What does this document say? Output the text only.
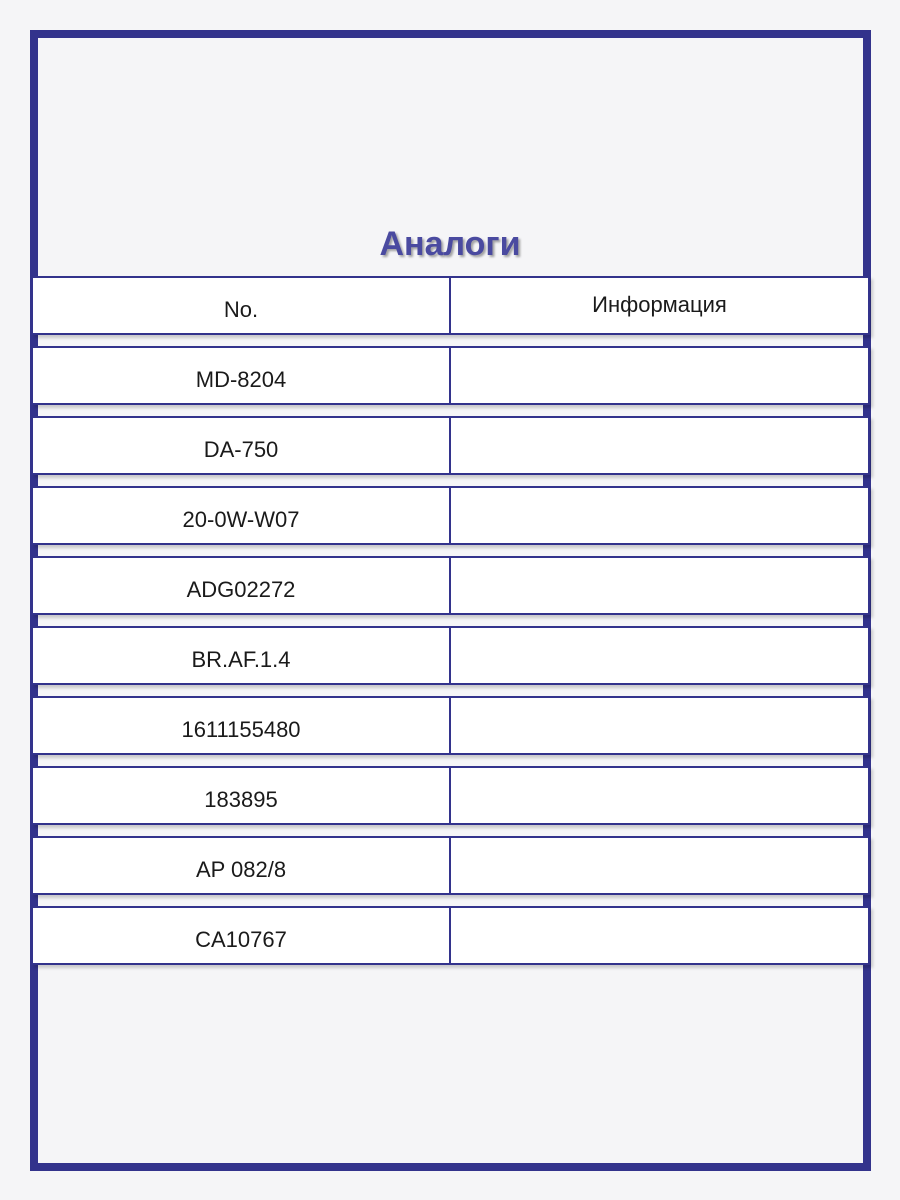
Аналоги
No.	Информация
MD-8204
DA-750
20-0W-W07
ADG02272
BR.AF.1.4
1611155480
183895
AP 082/8
CA10767
